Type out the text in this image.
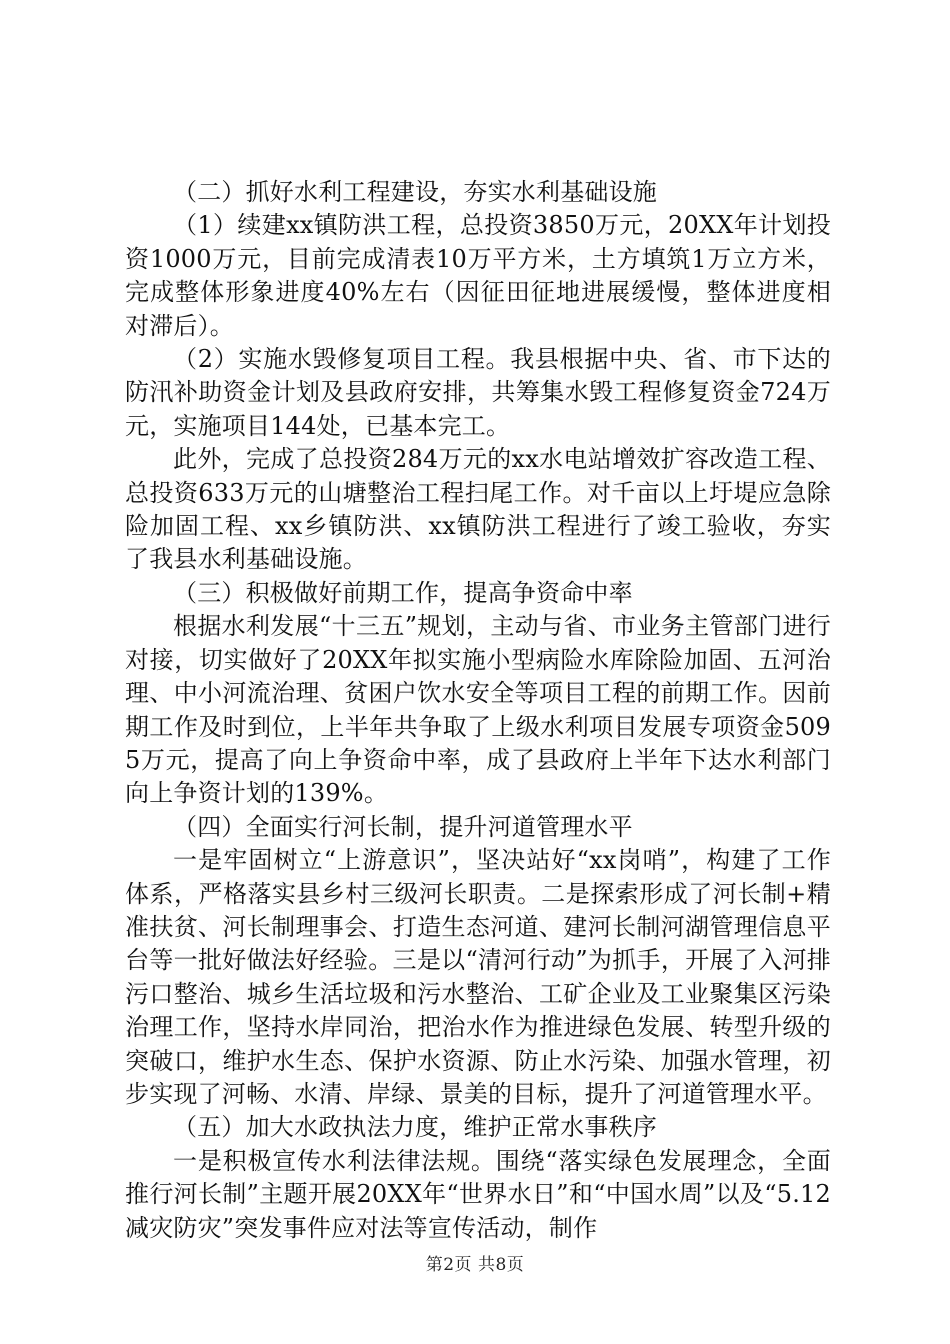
（二）抓好水利工程建设，夯实水利基础设施

（1）续建xx镇防洪工程，总投资3850万元，20XX年计划投资1000万元，目前完成清表10万平方米，土方填筑1万立方米，完成整体形象进度40%左右（因征田征地进展缓慢，整体进度相对滞后）。

（2）实施水毁修复项目工程。我县根据中央、省、市下达的防汛补助资金计划及县政府安排，共筹集水毁工程修复资金724万元，实施项目144处，已基本完工。

此外，完成了总投资284万元的xx水电站增效扩容改造工程、总投资633万元的山塘整治工程扫尾工作。对千亩以上圩堤应急除险加固工程、xx乡镇防洪、xx镇防洪工程进行了竣工验收，夯实了我县水利基础设施。

（三）积极做好前期工作，提高争资命中率

根据水利发展“十三五”规划，主动与省、市业务主管部门进行对接，切实做好了20XX年拟实施小型病险水库除险加固、五河治理、中小河流治理、贫困户饮水安全等项目工程的前期工作。因前期工作及时到位，上半年共争取了上级水利项目发展专项资金5095万元，提高了向上争资命中率，成了县政府上半年下达水利部门向上争资计划的139%。

（四）全面实行河长制，提升河道管理水平

一是牢固树立“上游意识”，坚决站好“xx岗哨”，构建了工作体系，严格落实县乡村三级河长职责。二是探索形成了河长制+精准扶贫、河长制理事会、打造生态河道、建河长制河湖管理信息平台等一批好做法好经验。三是以“清河行动”为抓手，开展了入河排污口整治、城乡生活垃圾和污水整治、工矿企业及工业聚集区污染治理工作，坚持水岸同治，把治水作为推进绿色发展、转型升级的突破口，维护水生态、保护水资源、防止水污染、加强水管理，初步实现了河畅、水清、岸绿、景美的目标，提升了河道管理水平。

（五）加大水政执法力度，维护正常水事秩序

一是积极宣传水利法律法规。围绕“落实绿色发展理念，全面推行河长制”主题开展20XX年“世界水日”和“中国水周”以及“5.12减灾防灾”突发事件应对法等宣传活动，制作

第2页 共8页
